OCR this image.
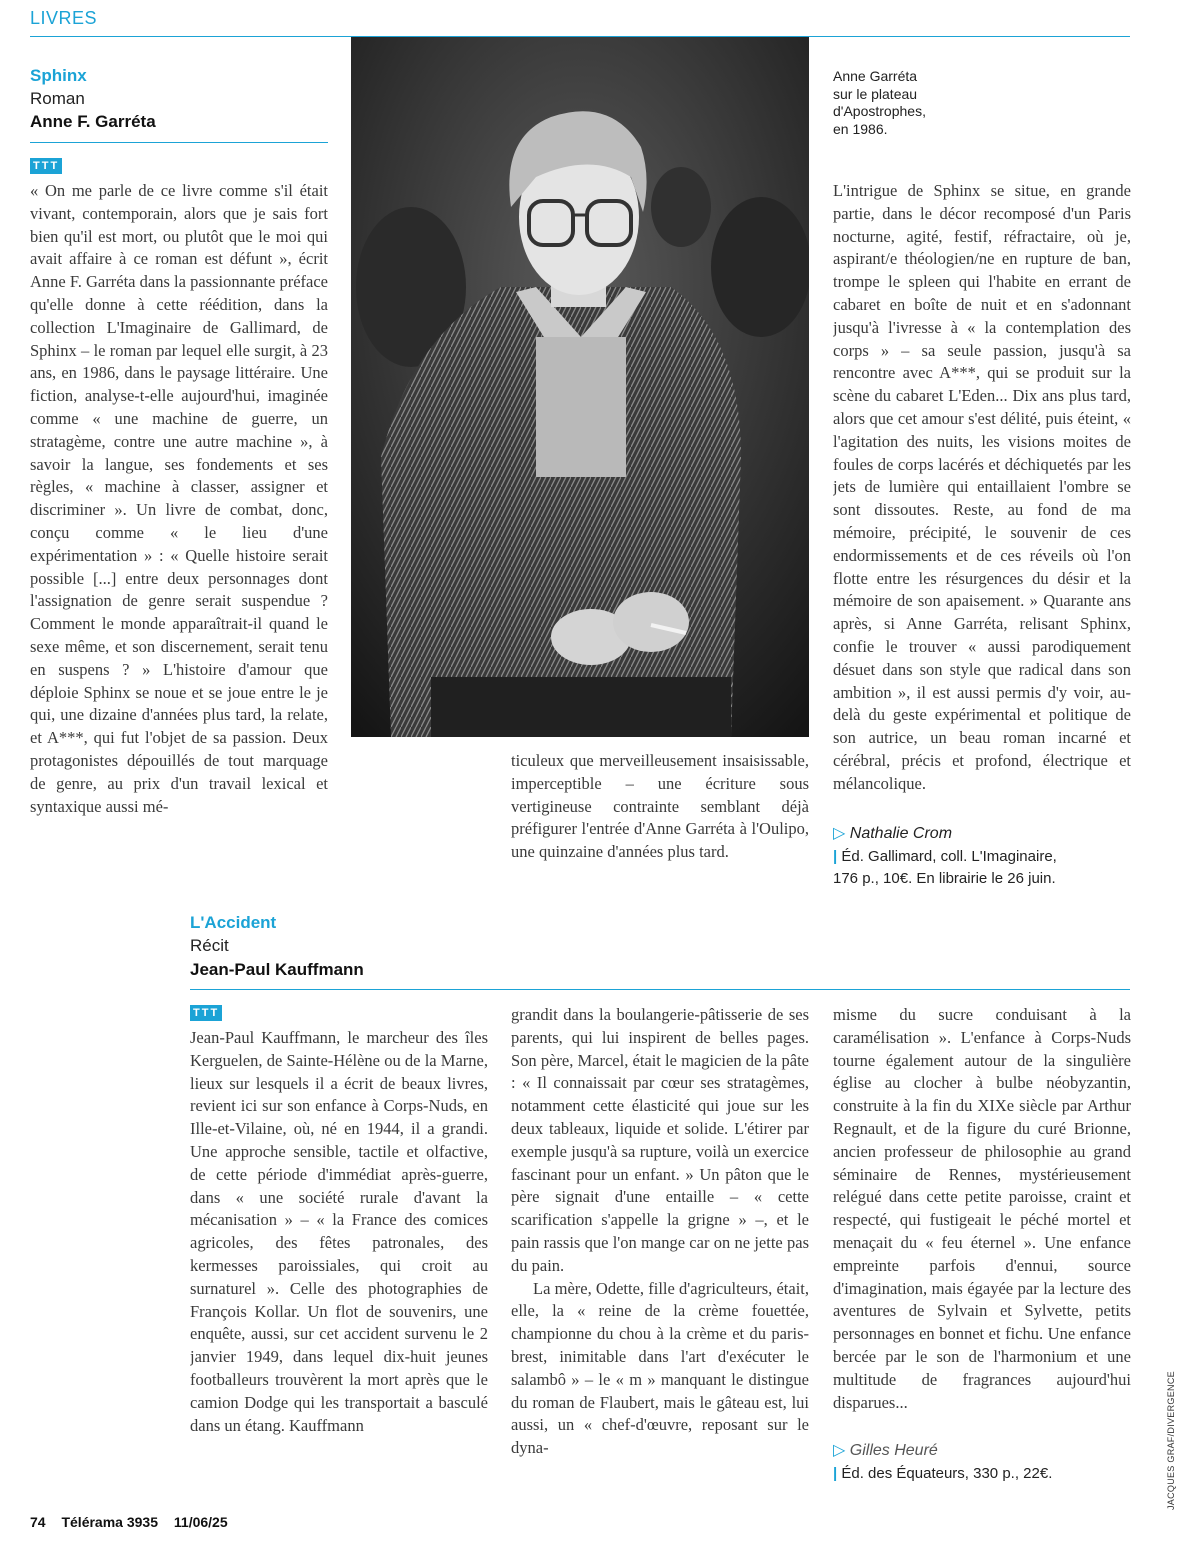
LIVRES
Sphinx
Roman
Anne F. Garréta
TTT

« On me parle de ce livre comme s'il était vivant, contemporain, alors que je sais fort bien qu'il est mort, ou plutôt que le moi qui avait affaire à ce roman est défunt », écrit Anne F. Garréta dans la passionnante préface qu'elle donne à cette réédition, dans la collection L'Imaginaire de Gallimard, de Sphinx – le roman par lequel elle surgit, à 23 ans, en 1986, dans le paysage littéraire. Une fiction, analyse-t-elle aujourd'hui, imaginée comme « une machine de guerre, un stratagème, contre une autre machine », à savoir la langue, ses fondements et ses règles, « machine à classer, assigner et discriminer ». Un livre de combat, donc, conçu comme « le lieu d'une expérimentation » : « Quelle histoire serait possible [...] entre deux personnages dont l'assignation de genre serait suspendue ? Comment le monde apparaîtrait-il quand le sexe même, et son discernement, serait tenu en suspens ? » L'histoire d'amour que déploie Sphinx se noue et se joue entre le je qui, une dizaine d'années plus tard, la relate, et A***, qui fut l'objet de sa passion. Deux protagonistes dépouillés de tout marquage de genre, au prix d'un travail lexical et syntaxique aussi mé-

Anne Garréta
sur le plateau
d'Apostrophes,
en 1986.

ticuleux que merveilleusement insaisissable, imperceptible – une écriture sous vertigineuse contrainte semblant déjà préfigurer l'entrée d'Anne Garréta à l'Oulipo, une quinzaine d'années plus tard.

L'intrigue de Sphinx se situe, en grande partie, dans le décor recomposé d'un Paris nocturne, agité, festif, réfractaire, où je, aspirant/e théologien/ne en rupture de ban, trompe le spleen qui l'habite en errant de cabaret en boîte de nuit et en s'adonnant jusqu'à l'ivresse à « la contemplation des corps » – sa seule passion, jusqu'à sa rencontre avec A***, qui se produit sur la scène du cabaret L'Eden... Dix ans plus tard, alors que cet amour s'est délité, puis éteint, « l'agitation des nuits, les visions moites de foules de corps lacérés et déchiquetés par les jets de lumière qui entaillaient l'ombre se sont dissoutes. Reste, au fond de ma mémoire, précipité, le souvenir de ces endormissements et de ces réveils où l'on flotte entre les résurgences du désir et la mémoire de son apaisement. » Quarante ans après, si Anne Garréta, relisant Sphinx, confie le trouver « aussi parodiquement désuet dans son style que radical dans son ambition », il est aussi permis d'y voir, au-delà du geste expérimental et politique de son autrice, un beau roman incarné et cérébral, précis et profond, électrique et mélancolique.

▷ Nathalie Crom
| Éd. Gallimard, coll. L'Imaginaire,
176 p., 10€. En librairie le 26 juin.
L'Accident
Récit
Jean-Paul Kauffmann
TTT

Jean-Paul Kauffmann, le marcheur des îles Kerguelen, de Sainte-Hélène ou de la Marne, lieux sur lesquels il a écrit de beaux livres, revient ici sur son enfance à Corps-Nuds, en Ille-et-Vilaine, où, né en 1944, il a grandi. Une approche sensible, tactile et olfactive, de cette période d'immédiat après-guerre, dans « une société rurale d'avant la mécanisation » – « la France des comices agricoles, des fêtes patronales, des kermesses paroissiales, qui croit au surnaturel ». Celle des photographies de François Kollar. Un flot de souvenirs, une enquête, aussi, sur cet accident survenu le 2 janvier 1949, dans lequel dix-huit jeunes footballeurs trouvèrent la mort après que le camion Dodge qui les transportait a basculé dans un étang. Kauffmann

grandit dans la boulangerie-pâtisserie de ses parents, qui lui inspirent de belles pages. Son père, Marcel, était le magicien de la pâte : « Il connaissait par cœur ses stratagèmes, notamment cette élasticité qui joue sur les deux tableaux, liquide et solide. L'étirer par exemple jusqu'à sa rupture, voilà un exercice fascinant pour un enfant. » Un pâton que le père signait d'une entaille – « cette scarification s'appelle la grigne » –, et le pain rassis que l'on mange car on ne jette pas du pain.

La mère, Odette, fille d'agriculteurs, était, elle, la « reine de la crème fouettée, championne du chou à la crème et du paris-brest, inimitable dans l'art d'exécuter le salambô » – le « m » manquant le distingue du roman de Flaubert, mais le gâteau est, lui aussi, un « chef-d'œuvre, reposant sur le dyna-

misme du sucre conduisant à la caramélisation ». L'enfance à Corps-Nuds tourne également autour de la singulière église au clocher à bulbe néobyzantin, construite à la fin du XIXe siècle par Arthur Regnault, et de la figure du curé Brionne, ancien professeur de philosophie au grand séminaire de Rennes, mystérieusement relégué dans cette petite paroisse, craint et respecté, qui fustigeait le péché mortel et menaçait du « feu éternel ». Une enfance empreinte parfois d'ennui, source d'imagination, mais égayée par la lecture des aventures de Sylvain et Sylvette, petits personnages en bonnet et fichu. Une enfance bercée par le son de l'harmonium et une multitude de fragrances aujourd'hui disparues...

▷ Gilles Heuré
| Éd. des Équateurs, 330 p., 22€.
74 Télérama 3935 11/06/25
JACQUES GRAF/DIVERGENCE
